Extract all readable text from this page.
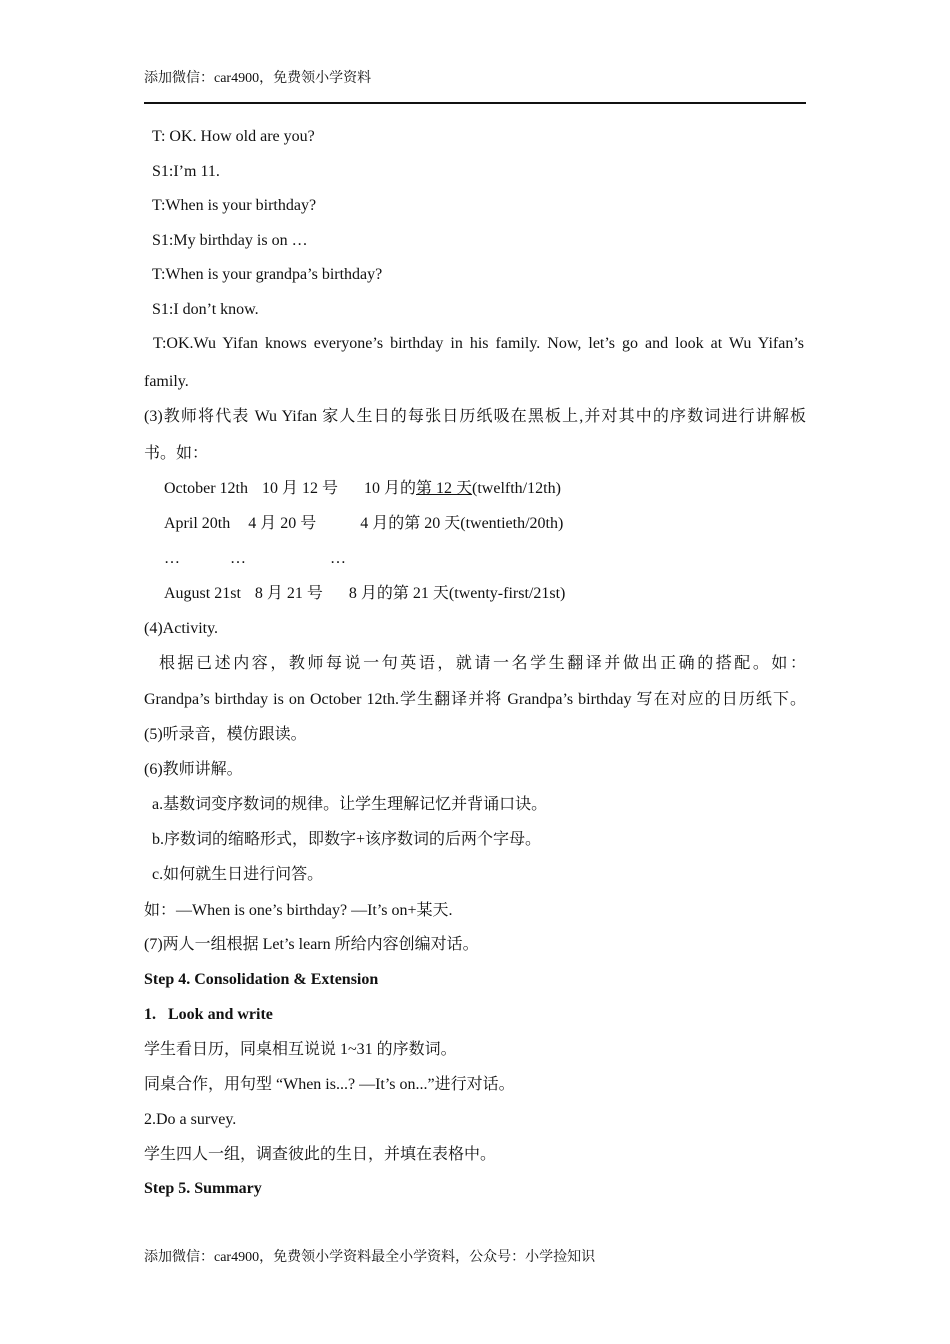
添加微信：car4900，免费领小学资料
T: OK. How old are you?
S1:I’m 11.
T:When is your birthday?
S1:My birthday is on …
T:When is your grandpa’s birthday?
S1:I don’t know.
T:OK.Wu Yifan knows everyone’s birthday in his family. Now, let’s go and look at Wu Yifan’s
family.
(3)教师将代表 Wu Yifan 家人生日的每张日历纸吸在黑板上,并对其中的序数词进行讲解板
书。如：
October 12th 10 月 12 号 10 月的第 12 天(twelfth/12th)
April 20th 4 月 20 号	4 月的第 20 天(twentieth/20th)
…	…	…
August 21st 8 月 21 号 8 月的第 21 天(twenty-first/21st)
(4)Activity.
根据已述内容，教师每说一句英语，就请一名学生翻译并做出正确的搭配。如：
Grandpa’s birthday is on October 12th.学生翻译并将 Grandpa’s birthday 写在对应的日历纸下。
(5)听录音，模仿跟读。
(6)教师讲解。
a.基数词变序数词的规律。让学生理解记忆并背诵口诀。
b.序数词的缩略形式，即数字+该序数词的后两个字母。
c.如何就生日进行问答。
如：—When is one’s birthday? —It’s on+某天.
(7)两人一组根据 Let’s learn 所给内容创编对话。
Step 4. Consolidation & Extension
1.   Look and write
学生看日历，同桌相互说说 1~31 的序数词。
同桌合作，用句型 “When is...? —It’s on...”进行对话。
2.Do a survey.
学生四人一组，调查彼此的生日，并填在表格中。
Step 5. Summary
添加微信：car4900，免费领小学资料最全小学资料，公众号：小学捡知识
